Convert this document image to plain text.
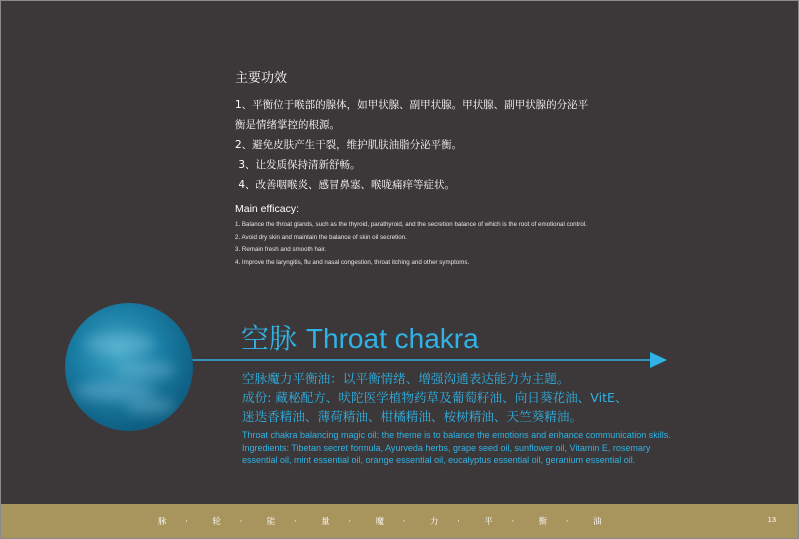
主要功效
1、平衡位于喉部的腺体，如甲状腺、副甲状腺。甲状腺、副甲状腺的分泌平
衡是情绪掌控的根源。
2、避免皮肤产生干裂，维护肌肤油脂分泌平衡。
3、让发质保持清新舒畅。
4、改善咽喉炎、感冒鼻塞、喉咙痛痒等症状。
Main efficacy:
1. Balance the throat glands, such as the thyroid, parathyroid, and the secretion balance of which is the root of emotional control.
2. Avoid dry skin and maintain the balance of skin oil secretion.
3. Remain fresh and smooth hair.
4. Improve the laryngitis, flu and nasal congestion, throat itching and other symptoms.
空脉 Throat chakra
空脉魔力平衡油：以平衡情绪、增强沟通表达能力为主题。
成份: 藏秘配方、吠陀医学植物药草及葡萄籽油、向日葵花油、VitE、
迷迭香精油、薄荷精油、柑橘精油、桉树精油、天竺葵精油。
Throat chakra balancing magic oil: the theme is to balance the emotions and enhance communication skills.
Ingredients: Tibetan secret formula, Ayurveda herbs, grape seed oil, sunflower oil, Vitamin E, rosemary
essential oil, mint essential oil, orange essential oil, eucalyptus essential oil, geranium essential oil.
脉 ·	轮 ·	能 ·	量 ·	魔 ·	力 ·	平 ·	衡 ·	油	13
